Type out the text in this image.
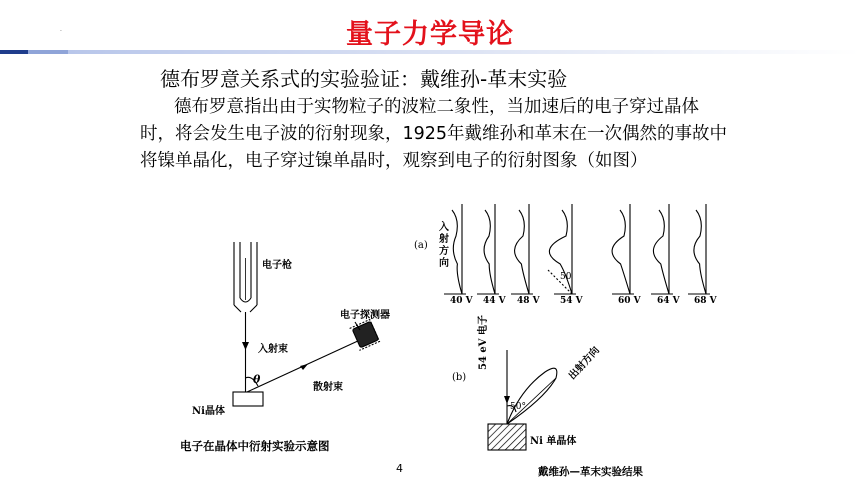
.	量子力学导论
德布罗意关系式的实验验证：戴维孙-革末实验
德布罗意指出由于实物粒子的波粒二象性，当加速后的电子穿过晶体时，将会发生电子波的衍射现象，1925年戴维孙和革末在一次偶然的事故中将镍单晶化，电子穿过镍单晶时，观察到电子的衍射图象（如图）
电子枪
电子探测器
入射束
散射束
θ
Ni晶体
电子在晶体中衍射实验示意图
(a)
入射方向
50
40 V 44 V 48 V 54 V	60 V 64 V 68 V
(b)
54 eV 电子	出射方向
50°
Ni 单晶体
戴维孙—革末实验结果
4
